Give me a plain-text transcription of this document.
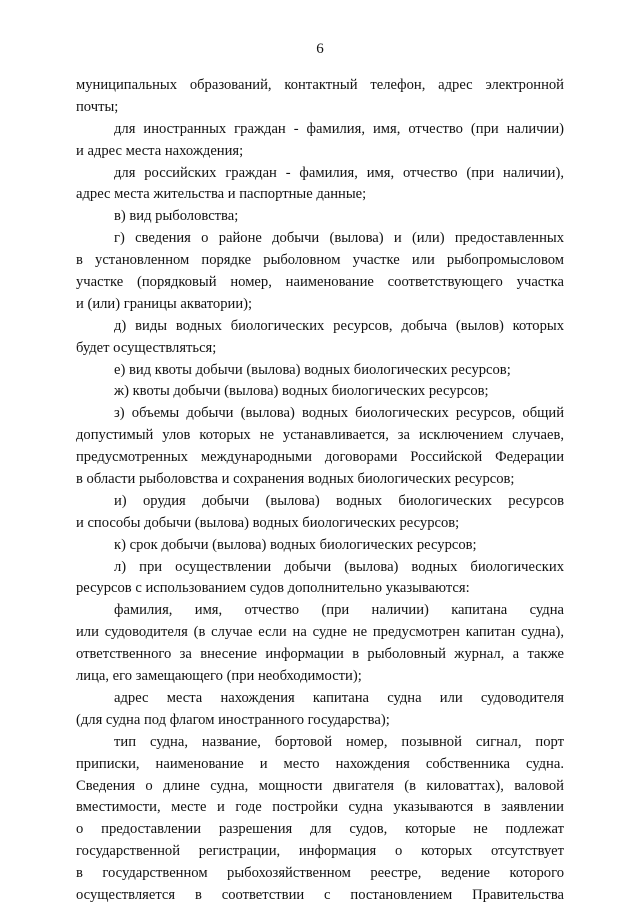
6
муниципальных образований, контактный телефон, адрес электронной
почты;
для иностранных граждан - фамилия, имя, отчество (при наличии)
и адрес места нахождения;
для российских граждан - фамилия, имя, отчество (при наличии),
адрес места жительства и паспортные данные;
в) вид рыболовства;
г) сведения о районе добычи (вылова) и (или) предоставленных
в установленном порядке рыболовном участке или рыбопромысловом
участке (порядковый номер, наименование соответствующего участка
и (или) границы акватории);
д) виды водных биологических ресурсов, добыча (вылов) которых
будет осуществляться;
е) вид квоты добычи (вылова) водных биологических ресурсов;
ж) квоты добычи (вылова) водных биологических ресурсов;
з) объемы добычи (вылова) водных биологических ресурсов, общий
допустимый улов которых не устанавливается, за исключением случаев,
предусмотренных международными договорами Российской Федерации
в области рыболовства и сохранения водных биологических ресурсов;
и) орудия добычи (вылова) водных биологических ресурсов
и способы добычи (вылова) водных биологических ресурсов;
к) срок добычи (вылова) водных биологических ресурсов;
л) при осуществлении добычи (вылова) водных биологических
ресурсов с использованием судов дополнительно указываются:
фамилия, имя, отчество (при наличии) капитана судна
или судоводителя (в случае если на судне не предусмотрен капитан судна),
ответственного за внесение информации в рыболовный журнал, а также
лица, его замещающего (при необходимости);
адрес места нахождения капитана судна или судоводителя
(для судна под флагом иностранного государства);
тип судна, название, бортовой номер, позывной сигнал, порт
приписки, наименование и место нахождения собственника судна.
Сведения о длине судна, мощности двигателя (в киловаттах), валовой
вместимости, месте и годе постройки судна указываются в заявлении
о предоставлении разрешения для судов, которые не подлежат
государственной регистрации, информация о которых отсутствует
в государственном рыбохозяйственном реестре, ведение которого
осуществляется в соответствии с постановлением Правительства
